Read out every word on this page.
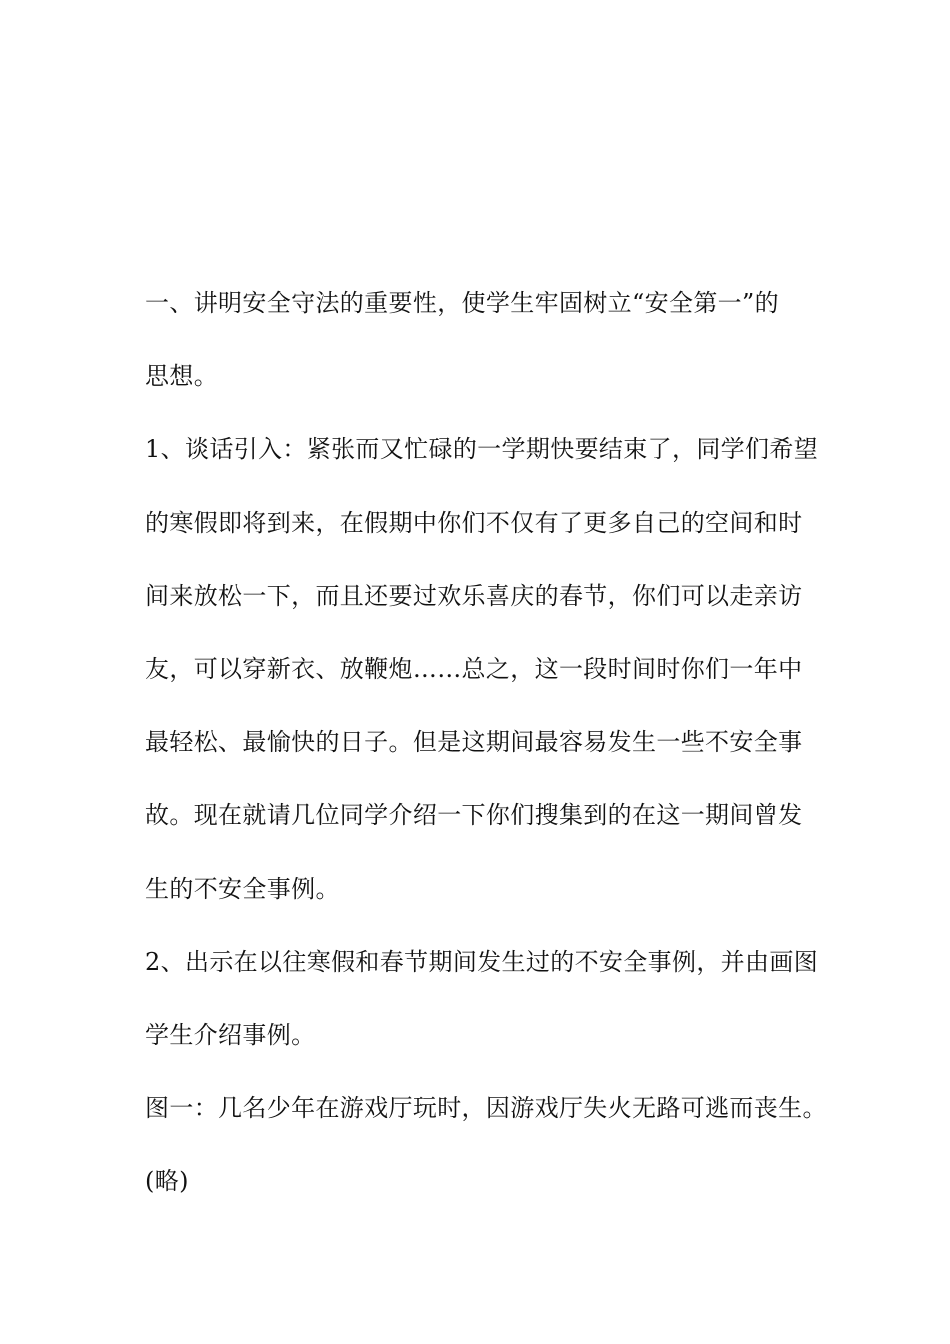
一、讲明安全守法的重要性，使学生牢固树立“安全第一”的
思想。
1、谈话引入：紧张而又忙碌的一学期快要结束了，同学们希望
的寒假即将到来，在假期中你们不仅有了更多自己的空间和时
间来放松一下，而且还要过欢乐喜庆的春节，你们可以走亲访
友，可以穿新衣、放鞭炮……总之，这一段时间时你们一年中
最轻松、最愉快的日子。但是这期间最容易发生一些不安全事
故。现在就请几位同学介绍一下你们搜集到的在这一期间曾发
生的不安全事例。
2、出示在以往寒假和春节期间发生过的不安全事例，并由画图
学生介绍事例。
图一：几名少年在游戏厅玩时，因游戏厅失火无路可逃而丧生。
(略)
